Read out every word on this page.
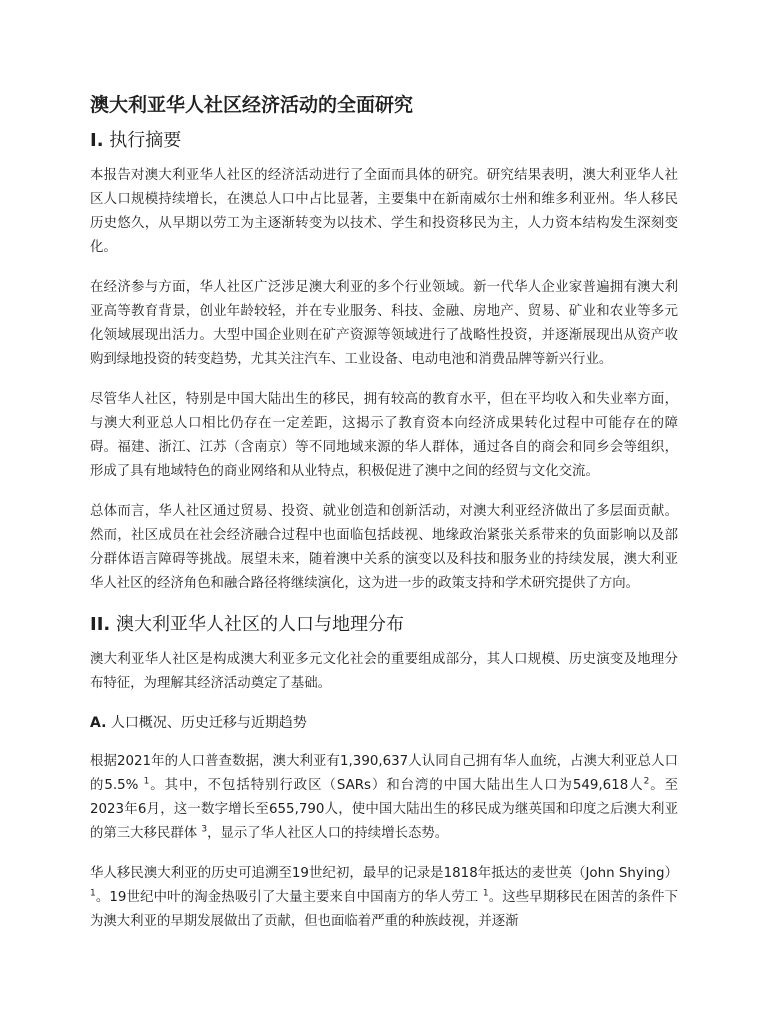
澳大利亚华人社区经济活动的全面研究
I. 执行摘要

本报告对澳大利亚华人社区的经济活动进行了全面而具体的研究。研究结果表明，澳大利亚华人社区人口规模持续增长，在澳总人口中占比显著，主要集中在新南威尔士州和维多利亚州。华人移民历史悠久，从早期以劳工为主逐渐转变为以技术、学生和投资移民为主，人力资本结构发生深刻变化。

在经济参与方面，华人社区广泛涉足澳大利亚的多个行业领域。新一代华人企业家普遍拥有澳大利亚高等教育背景，创业年龄较轻，并在专业服务、科技、金融、房地产、贸易、矿业和农业等多元化领域展现出活力。大型中国企业则在矿产资源等领域进行了战略性投资，并逐渐展现出从资产收购到绿地投资的转变趋势，尤其关注汽车、工业设备、电动电池和消费品牌等新兴行业。

尽管华人社区，特别是中国大陆出生的移民，拥有较高的教育水平，但在平均收入和失业率方面，与澳大利亚总人口相比仍存在一定差距，这揭示了教育资本向经济成果转化过程中可能存在的障碍。福建、浙江、江苏（含南京）等不同地域来源的华人群体，通过各自的商会和同乡会等组织，形成了具有地域特色的商业网络和从业特点，积极促进了澳中之间的经贸与文化交流。

总体而言，华人社区通过贸易、投资、就业创造和创新活动，对澳大利亚经济做出了多层面贡献。然而，社区成员在社会经济融合过程中也面临包括歧视、地缘政治紧张关系带来的负面影响以及部分群体语言障碍等挑战。展望未来，随着澳中关系的演变以及科技和服务业的持续发展，澳大利亚华人社区的经济角色和融合路径将继续演化，这为进一步的政策支持和学术研究提供了方向。

II. 澳大利亚华人社区的人口与地理分布

澳大利亚华人社区是构成澳大利亚多元文化社会的重要组成部分，其人口规模、历史演变及地理分布特征，为理解其经济活动奠定了基础。

A. 人口概况、历史迁移与近期趋势

根据2021年的人口普查数据，澳大利亚有1,390,637人认同自己拥有华人血统，占澳大利亚总人口的5.5% $^1$。其中，不包括特别行政区（SARs）和台湾的中国大陆出生人口为549,618人$^2$。至2023年6月，这一数字增长至655,790人，使中国大陆出生的移民成为继英国和印度之后澳大利亚的第三大移民群体 $^3$，显示了华人社区人口的持续增长态势。

华人移民澳大利亚的历史可追溯至19世纪初，最早的记录是1818年抵达的麦世英（John Shying）$^1$。19世纪中叶的淘金热吸引了大量主要来自中国南方的华人劳工 $^1$。这些早期移民在困苦的条件下为澳大利亚的早期发展做出了贡献，但也面临着严重的种族歧视，并逐渐
